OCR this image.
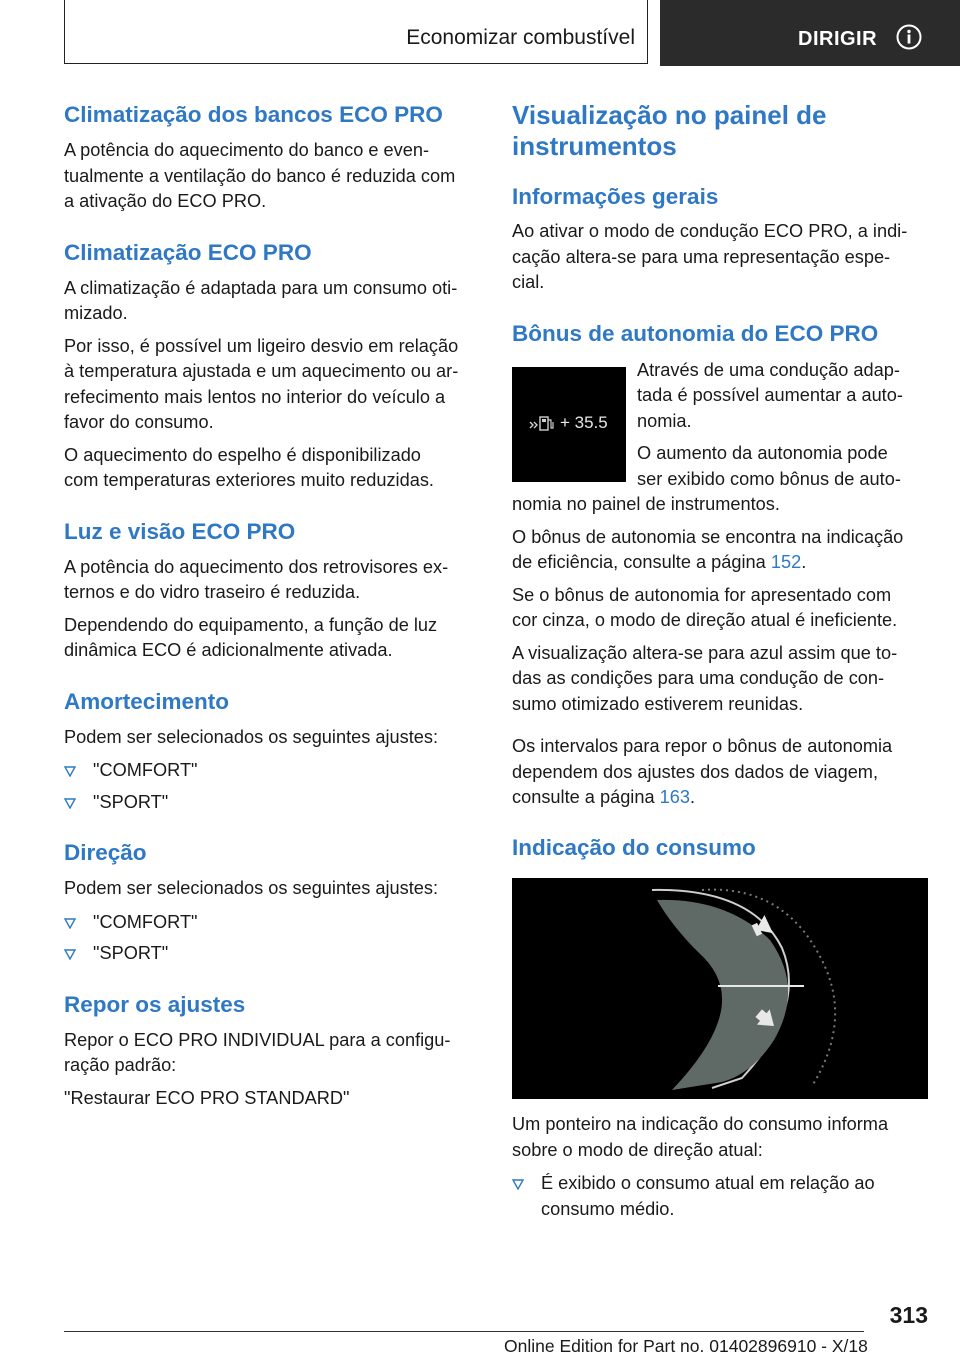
Economizar combustível	DIRIGIR
Climatização dos bancos ECO PRO

A potência do aquecimento do banco e even‐
tualmente a ventilação do banco é reduzida com
a ativação do ECO PRO.

Climatização ECO PRO

A climatização é adaptada para um consumo oti‐
mizado.

Por isso, é possível um ligeiro desvio em relação
à temperatura ajustada e um aquecimento ou ar‐
refecimento mais lentos no interior do veículo a
favor do consumo.

O aquecimento do espelho é disponibilizado
com temperaturas exteriores muito reduzidas.

Luz e visão ECO PRO

A potência do aquecimento dos retrovisores ex‐
ternos e do vidro traseiro é reduzida.

Dependendo do equipamento, a função de luz
dinâmica ECO é adicionalmente ativada.

Amortecimento

Podem ser selecionados os seguintes ajustes:

"COMFORT"
"SPORT"
Direção

Podem ser selecionados os seguintes ajustes:

"COMFORT"
"SPORT"
Repor os ajustes

Repor o ECO PRO INDIVIDUAL para a configu‐
ração padrão:

"Restaurar ECO PRO STANDARD"

Visualização no painel de
instrumentos
Informações gerais

Ao ativar o modo de condução ECO PRO, a indi‐
cação altera-se para uma representação espe‐
cial.

Bônus de autonomia do ECO PRO

Através de uma condução adap‐
tada é possível aumentar a auto‐
nomia.

O aumento da autonomia pode
ser exibido como bônus de auto‐

nomia no painel de instrumentos.

O bônus de autonomia se encontra na indicação
de eficiência, consulte a página 152.

Se o bônus de autonomia for apresentado com
cor cinza, o modo de direção atual é ineficiente.

A visualização altera-se para azul assim que to‐
das as condições para uma condução de con‐
sumo otimizado estiverem reunidas.

Os intervalos para repor o bônus de autonomia
dependem dos ajustes dos dados de viagem,
consulte a página 163.

Indicação do consumo
+ 35.5

Um ponteiro na indicação do consumo informa
sobre o modo de direção atual:

É exibido o consumo atual em relação ao
consumo médio.
313
Online Edition for Part no. 01402896910 - X/18
